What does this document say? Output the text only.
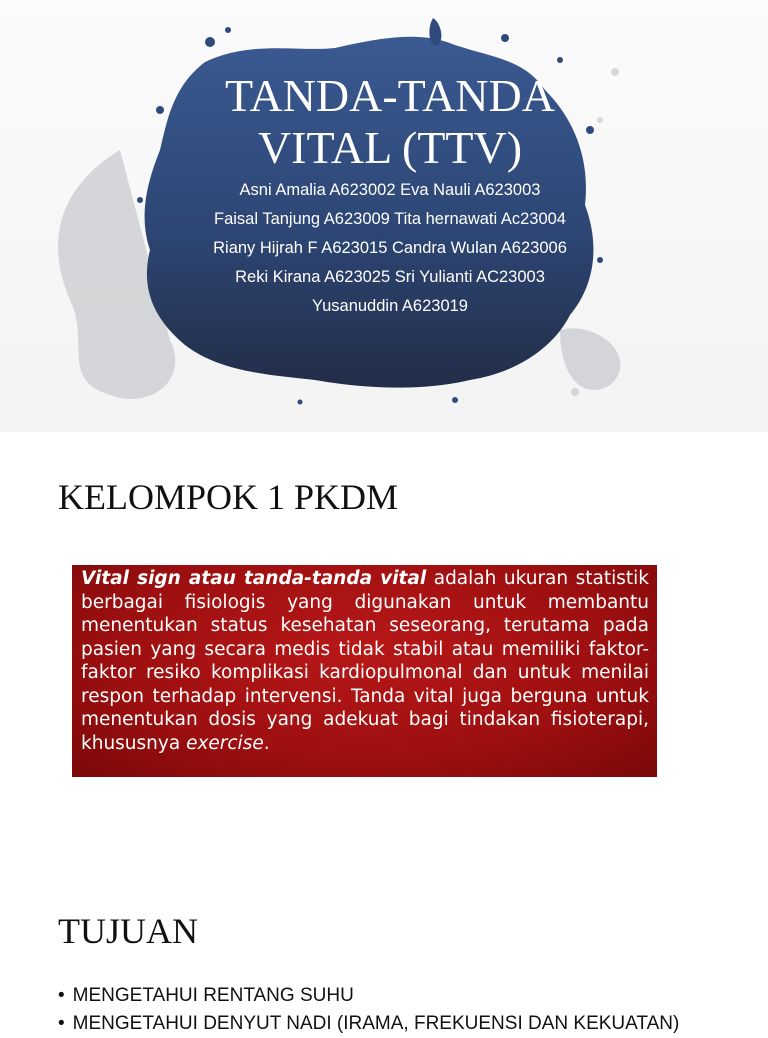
TANDA-TANDA
VITAL (TTV)
Asni Amalia A623002 Eva Nauli A623003
Faisal Tanjung A623009 Tita hernawati Ac23004
Riany Hijrah F A623015 Candra Wulan A623006
Reki Kirana A623025 Sri Yulianti AC23003
Yusanuddin A623019
KELOMPOK 1 PKDM
Vital sign atau tanda-tanda vital adalah ukuran statistik berbagai fisiologis yang digunakan untuk membantu menentukan status kesehatan seseorang, terutama pada pasien yang secara medis tidak stabil atau memiliki faktor-faktor resiko komplikasi kardiopulmonal dan untuk menilai respon terhadap intervensi. Tanda vital juga berguna untuk menentukan dosis yang adekuat bagi tindakan fisioterapi, khususnya exercise.
TUJUAN
• MENGETAHUI RENTANG SUHU
• MENGETAHUI DENYUT NADI (IRAMA, FREKUENSI DAN KEKUATAN)
